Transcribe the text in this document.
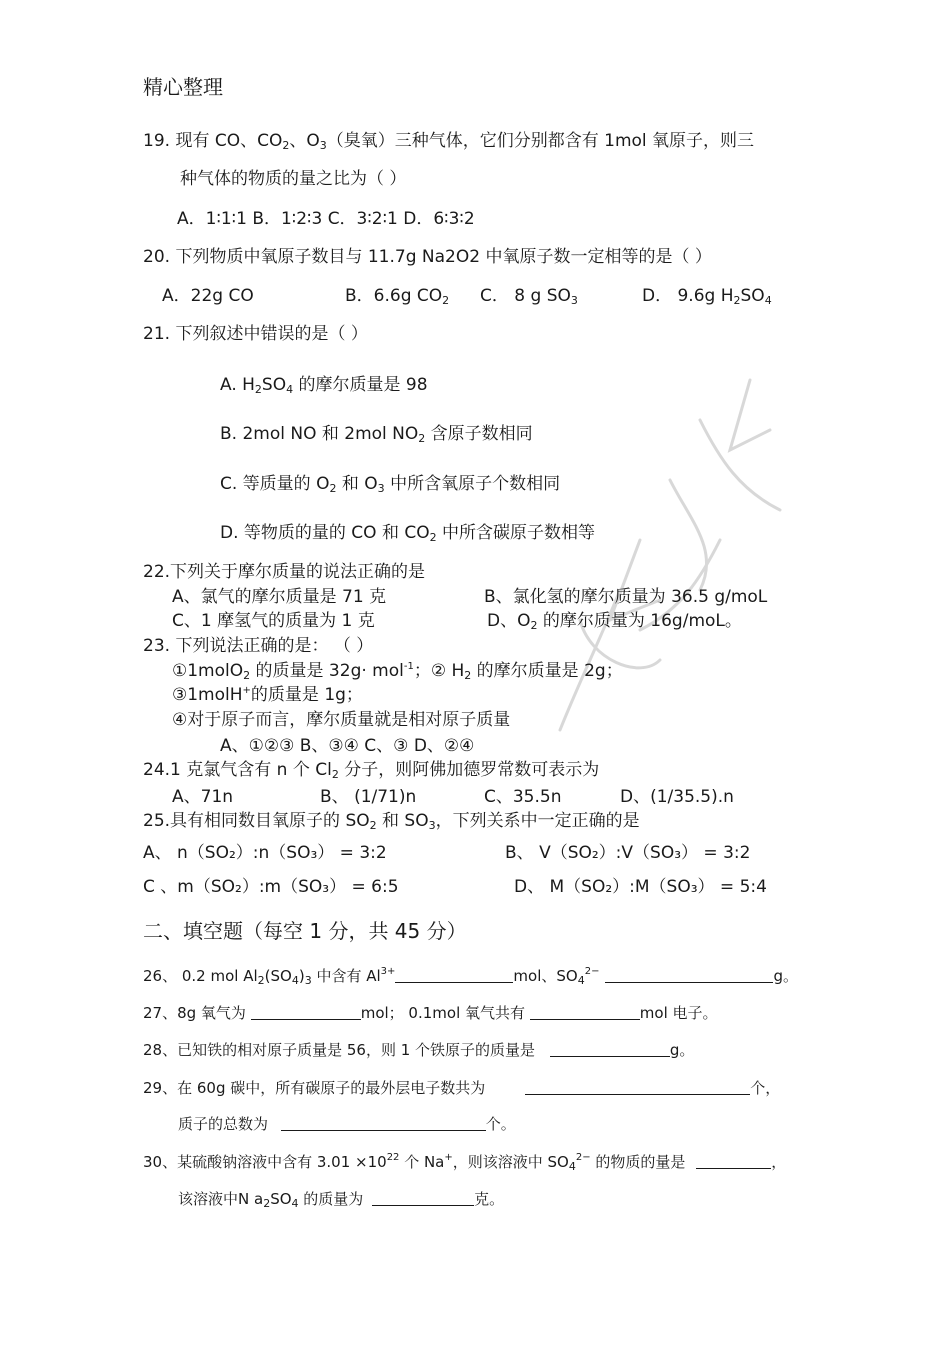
精心整理
19. 现有 CO、$CO_2$、$O_3$（臭氧）三种气体，它们分别都含有 1mol 氧原子，则三
种气体的物质的量之比为（ ）
A．1∶1∶1 B．1∶2∶3 C．3∶2∶1 D．6∶3∶2
20. 下列物质中氧原子数目与 11.7g Na2O2 中氧原子数一定相等的是（ ）
A．22g CO	B．6.6g $CO_2$ C． 8 g $SO_3$	D． 9.6g $H_2SO_4$
21. 下列叙述中错误的是（ ）
A. $H_2SO_4$ 的摩尔质量是 98
B. 2mol NO 和 2mol $NO_2$ 含原子数相同
C. 等质量的 $O_2$ 和 $O_3$ 中所含氧原子个数相同
D. 等物质的量的 CO 和 $CO_2$ 中所含碳原子数相等
22.下列关于摩尔质量的说法正确的是
A、氯气的摩尔质量是 71 克	B、氯化氢的摩尔质量为 36.5 g/moL
C、1 摩氢气的质量为 1 克	D、$O_2$ 的摩尔质量为 16g/moL。
23. 下列说法正确的是： （ ）
①1molO$_2$ 的质量是 32g· mol$^{-1}$；② $H_2$ 的摩尔质量是 2g；
③1molH+的质量是 1g；
④对于原子而言，摩尔质量就是相对原子质量
A、①②③ B、③④ C、③ D、②④
24.1 克氯气含有 n 个 $Cl_2$ 分子，则阿佛加德罗常数可表示为
A、71n	B、 (1/71)n	C、35.5n	D、(1/35.5).n
25.具有相同数目氧原子的 $SO_2$ 和 $SO_3$，下列关系中一定正确的是
A、 n（SO₂）:n（SO₃） = 3:2	B、 V（SO₂）:V（SO₃） = 3:2
C 、m（SO₂）:m（SO₃） = 6:5	D、 M（SO₂）:M（SO₃） = 5:4
二、填空题（每空 1 分，共 45 分）
26、 0.2 mol $Al_2(SO_4)_3$ 中含有 $Al^{3+}$	mol、$SO_4^{2-}$	g。
27、8g 氧气为	mol； 0.1mol 氧气共有	mol 电子。
28、已知铁的相对原子质量是 56，则 1 个铁原子的质量是	g。
29、在 60g 碳中，所有碳原子的最外层电子数共为	个，
质子的总数为	个。
30、某硫酸钠溶液中含有 $3.01 \times 10^{22}$ 个 Na+，则该溶液中 $SO_4^{2-}$ 的物质的量是	，
该溶液中N $a_2SO_4$ 的质量为	克。
